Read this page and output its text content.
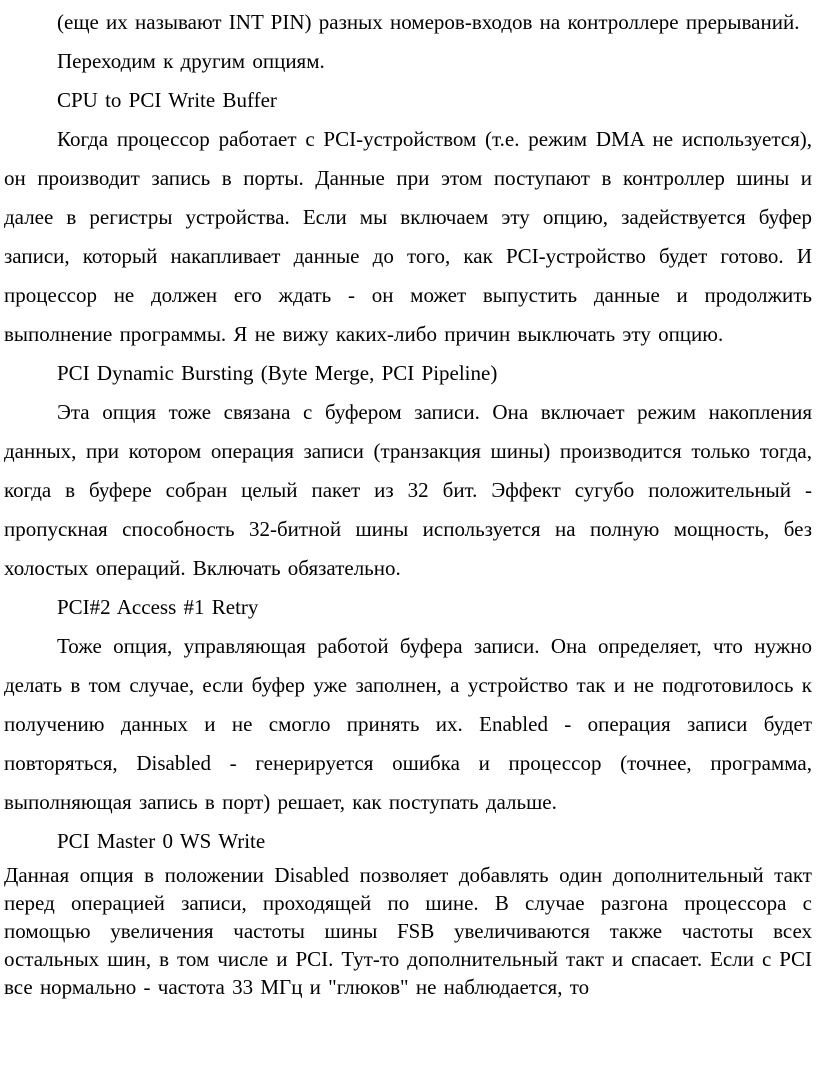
(еще их называют INT PIN) разных номеров-входов на контроллере прерываний.

Переходим к другим опциям.

CPU to PCI Write Buffer

Когда процессор работает с PCI-устройством (т.е. режим DMA не используется), он производит запись в порты. Данные при этом поступают в контроллер шины и далее в регистры устройства. Если мы включаем эту опцию, задействуется буфер записи, который накапливает данные до того, как PCI-устройство будет готово. И процессор не должен его ждать - он может выпустить данные и продолжить выполнение программы. Я не вижу каких-либо причин выключать эту опцию.

PCI Dynamic Bursting (Byte Merge, PCI Pipeline)

Эта опция тоже связана с буфером записи. Она включает режим накопления данных, при котором операция записи (транзакция шины) производится только тогда, когда в буфере собран целый пакет из 32 бит. Эффект сугубо положительный - пропускная способность 32-битной шины используется на полную мощность, без холостых операций. Включать обязательно.

PCI#2 Access #1 Retry

Тоже опция, управляющая работой буфера записи. Она определяет, что нужно делать в том случае, если буфер уже заполнен, а устройство так и не подготовилось к получению данных и не смогло принять их. Enabled - операция записи будет повторяться, Disabled - генерируется ошибка и процессор (точнее, программа, выполняющая запись в порт) решает, как поступать дальше.

PCI Master 0 WS Write

Данная опция в положении Disabled позволяет добавлять один дополнительный такт перед операцией записи, проходящей по шине. В случае разгона процессора с помощью увеличения частоты шины FSB увеличиваются также частоты всех остальных шин, в том числе и PCI. Тут-то дополнительный такт и спасает. Если с PCI все нормально - частота 33 МГц и "глюков" не наблюдается, то
